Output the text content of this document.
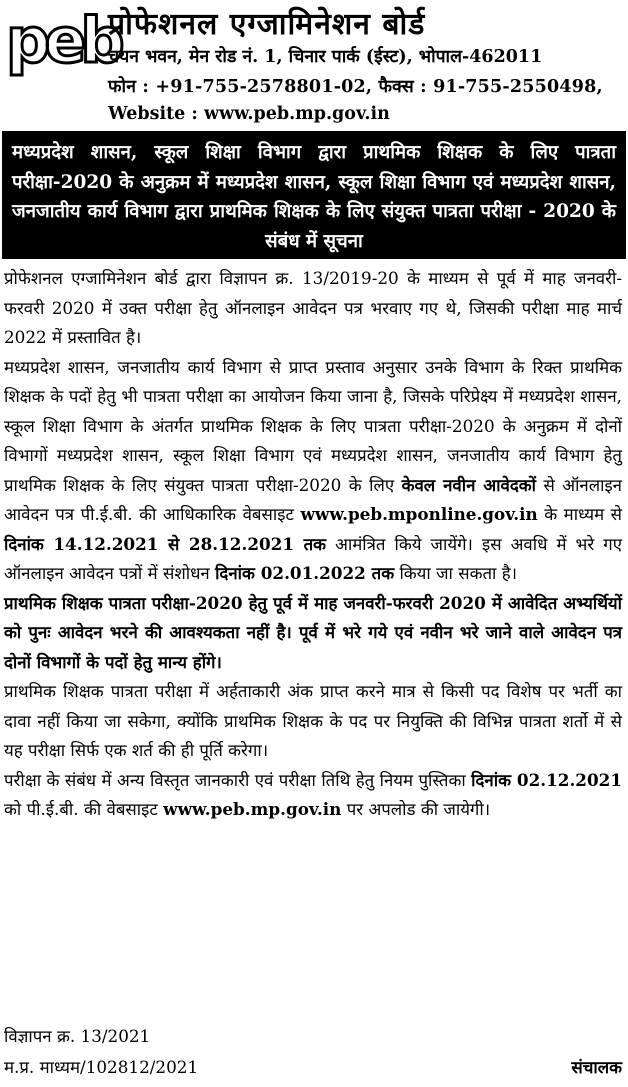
peb
प्रोफेशनल एग्जामिनेशन बोर्ड
चयन भवन, मेन रोड नं. 1, चिनार पार्क (ईस्ट), भोपाल-462011
फोन : +91-755-2578801-02, फैक्स : 91-755-2550498,
Website : www.peb.mp.gov.in
मध्यप्रदेश शासन, स्कूल शिक्षा विभाग द्वारा प्राथमिक शिक्षक के लिए पात्रता परीक्षा-2020 के अनुक्रम में मध्यप्रदेश शासन, स्कूल शिक्षा विभाग एवं मध्यप्रदेश शासन, जनजातीय कार्य विभाग द्वारा प्राथमिक शिक्षक के लिए संयुक्त पात्रता परीक्षा - 2020 के संबंध में सूचना

प्रोफेशनल एग्जामिनेशन बोर्ड द्वारा विज्ञापन क्र. 13/2019-20 के माध्यम से पूर्व में माह जनवरी-फरवरी 2020 में उक्त परीक्षा हेतु ऑनलाइन आवेदन पत्र भरवाए गए थे, जिसकी परीक्षा माह मार्च 2022 में प्रस्तावित है।

मध्यप्रदेश शासन, जनजातीय कार्य विभाग से प्राप्त प्रस्ताव अनुसार उनके विभाग के रिक्त प्राथमिक शिक्षक के पदों हेतु भी पात्रता परीक्षा का आयोजन किया जाना है, जिसके परिप्रेक्ष्य में मध्यप्रदेश शासन, स्कूल शिक्षा विभाग के अंतर्गत प्राथमिक शिक्षक के लिए पात्रता परीक्षा-2020 के अनुक्रम में दोनों विभागों मध्यप्रदेश शासन, स्कूल शिक्षा विभाग एवं मध्यप्रदेश शासन, जनजातीय कार्य विभाग हेतु प्राथमिक शिक्षक के लिए संयुक्त पात्रता परीक्षा-2020 के लिए केवल नवीन आवेदकों से ऑनलाइन आवेदन पत्र पी.ई.बी. की आधिकारिक वेबसाइट www.peb.mponline.gov.in के माध्यम से दिनांक 14.12.2021 से 28.12.2021 तक आमंत्रित किये जायेंगे। इस अवधि में भरे गए ऑनलाइन आवेदन पत्रों में संशोधन दिनांक 02.01.2022 तक किया जा सकता है।

प्राथमिक शिक्षक पात्रता परीक्षा-2020 हेतु पूर्व में माह जनवरी-फरवरी 2020 में आवेदित अभ्यर्थियों को पुनः आवेदन भरने की आवश्यकता नहीं है। पूर्व में भरे गये एवं नवीन भरे जाने वाले आवेदन पत्र दोनों विभागों के पदों हेतु मान्य होंगे।

प्राथमिक शिक्षक पात्रता परीक्षा में अर्हताकारी अंक प्राप्त करने मात्र से किसी पद विशेष पर भर्ती का दावा नहीं किया जा सकेगा, क्योंकि प्राथमिक शिक्षक के पद पर नियुक्ति की विभिन्न पात्रता शर्तो में से यह परीक्षा सिर्फ एक शर्त की ही पूर्ति करेगा।

परीक्षा के संबंध में अन्य विस्तृत जानकारी एवं परीक्षा तिथि हेतु नियम पुस्तिका दिनांक 02.12.2021 को पी.ई.बी. की वेबसाइट www.peb.mp.gov.in पर अपलोड की जायेगी।

विज्ञापन क्र. 13/2021
म.प्र. माध्यम/102812/2021	संचालक
